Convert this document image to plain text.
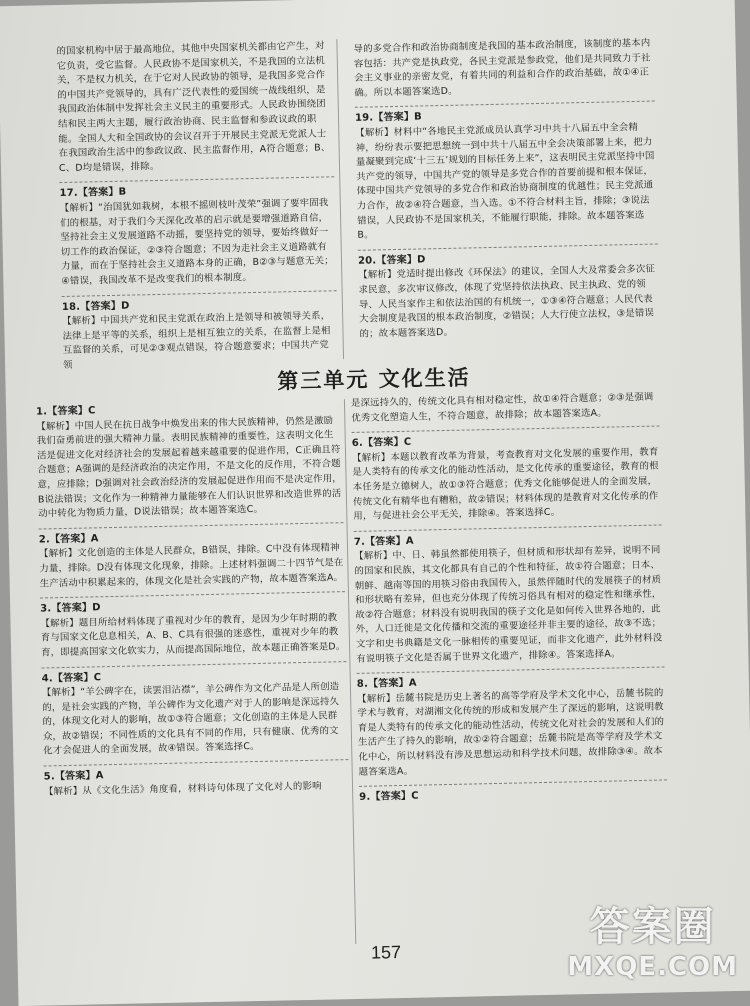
的国家机构中居于最高地位，其他中央国家机关都由它产生，对它负责，受它监督。人民政协不是国家机关，不是我国的立法机关，不是权力机关，在于它对人民政协的领导，是我国多党合作的中国共产党领导的，具有广泛代表性的爱国统一战线组织，是我国政治体制中发挥社会主义民主的重要形式。人民政协围绕团结和民主两大主题，履行政治协商、民主监督和参政议政的职能。全国人大和全国政协的会议召开于开展民主党派无党派人士在我国政治生活中的参政议政、民主监督作用，A符合题意；B、C、D均是错误，排除。

17.【答案】B

【解析】“治国犹如栽树，本根不摇则枝叶茂荣”强调了要牢固我们的根基，对于我们今天深化改革的启示就是要增强道路自信，坚持社会主义发展道路不动摇，要坚持党的领导，要始终做好一切工作的政治保证，②③符合题意；不因为走社会主义道路就有力量，而在于坚持社会主义道路本身的正确，B②③与题意无关；④错误，我国改革不是改变我们的根本制度。

18.【答案】D

【解析】中国共产党和民主党派在政治上是领导和被领导关系，法律上是平等的关系，组织上是相互独立的关系，在监督上是相互监督的关系，可见②③观点错误，符合题意要求；中国共产党领

导的多党合作和政治协商制度是我国的基本政治制度，该制度的基本内容包括：共产党是执政党，各民主党派是参政党，他们是共同致力于社会主义事业的亲密友党，有着共同的利益和合作的政治基础，故①④正确。所以本题答案选D。

19.【答案】B

【解析】材料中“各地民主党派成员认真学习中共十八届五中全会精神，纷纷表示要把思想统一到中共十八届五中全会决策部署上来，把力量凝聚到完成‘十三五’规划的目标任务上来”，这表明民主党派坚持中国共产党的领导，中国共产党的领导是多党合作的首要前提和根本保证，体现中国共产党领导的多党合作和政治协商制度的优越性；民主党派通力合作，故②④符合题意，当入选。①不符合材料主旨，排除；③说法错误，人民政协不是国家机关，不能履行职能，排除。故本题答案选B。

20.【答案】D

【解析】党适时提出修改《环保法》的建议，全国人大及常委会多次征求民意，多次审议修改，体现了党坚持依法执政、民主执政、党的领导、人民当家作主和依法治国的有机统一，①③④符合题意；人民代表大会制度是我国的根本政治制度，②错误；人大行使立法权，③是错误的；故本题答案选D。

第三单元 文化生活

1.【答案】C

【解析】中国人民在抗日战争中焕发出来的伟大民族精神，仍然是激励我们奋勇前进的强大精神力量。表明民族精神的重要性，这表明文化生活是促进文化对经济社会的发展起着越来越重要的促进作用，C正确且符合题意；A强调的是经济政治的决定作用，不是文化的反作用，不符合题意，应排除；D强调对社会政治经济的发展起促进作用而不是决定作用，B说法错误；文化作为一种精神力量能够在人们认识世界和改造世界的活动中转化为物质力量，D说法错误；故本题答案选C。

2.【答案】A

【解析】文化创造的主体是人民群众，B错误，排除。C中没有体现精神力量，排除。D没有体现文化现象，排除。上述材料强调二十四节气是在生产活动中积累起来的，体现文化是社会实践的产物，故本题答案选A。

3.【答案】D

【解析】题目所给材料体现了重视对少年的教育，是因为少年时期的教育与国家文化息息相关，A、B、C具有很强的迷惑性，重视对少年的教育，即提高国家文化软实力，从而提高国际地位，故本题正确答案是D。

4.【答案】C

【解析】“羊公碑字在，读罢泪沾襟”，羊公碑作为文化产品是人所创造的，是社会实践的产物，羊公碑作为文化遗产对于人的影响是深远持久的，体现文化对人的影响，故①③符合题意；文化创造的主体是人民群众，故②错误；不同性质的文化具有不同的作用，只有健康、优秀的文化才会促进人的全面发展，故④错误。答案选择C。

5.【答案】A

【解析】从《文化生活》角度看，材料诗句体现了文化对人的影响

是深远持久的，传统文化具有相对稳定性，故①④符合题意；②③是强调优秀文化塑造人生，不符合题意，故排除；故本题答案选A。

6.【答案】C

【解析】本题以教育改革为背景，考查教育对文化发展的重要作用，教育是人类特有的传承文化的能动性活动，是文化传承的重要途径，教育的根本任务是立德树人，故①③符合题意；优秀文化能够促进人的全面发展，传统文化有精华也有糟粕，故②错误；材料体现的是教育对文化传承的作用，与促进社会公平无关，排除④。答案选择C。

7.【答案】A

【解析】中、日、韩虽然都使用筷子，但材质和形状却有差异，说明不同的国家和民族，其文化都具有自己的个性和特征，故①符合题意；日本、朝鲜、越南等国的用筷习俗由我国传入，虽然伴随时代的发展筷子的材质和形状略有差异，但也充分体现了传统习俗具有相对的稳定性和继承性，故②符合题意；材料没有说明我国的筷子文化是如何传入世界各地的，此外，人口迁徙是文化传播和交流的重要途径并非主要的途径，故③不选；文字和史书典籍是文化一脉相传的重要见证，而非文化遗产，此外材料没有说明筷子文化是否属于世界文化遗产，排除④。答案选择A。

8.【答案】A

【解析】岳麓书院是历史上著名的高等学府及学术文化中心，岳麓书院的学术与教育，对湖湘文化传统的形成和发展产生了深远的影响，这说明教育是人类特有的传承文化的能动性活动，传统文化对社会的发展和人们的生活产生了持久的影响，故①②符合题意；岳麓书院是高等学府及学术文化中心，所以材料没有涉及思想运动和科学技术问题，故排除③④。故本题答案选A。

9.【答案】C

157
答案圈
MXQE.COM
